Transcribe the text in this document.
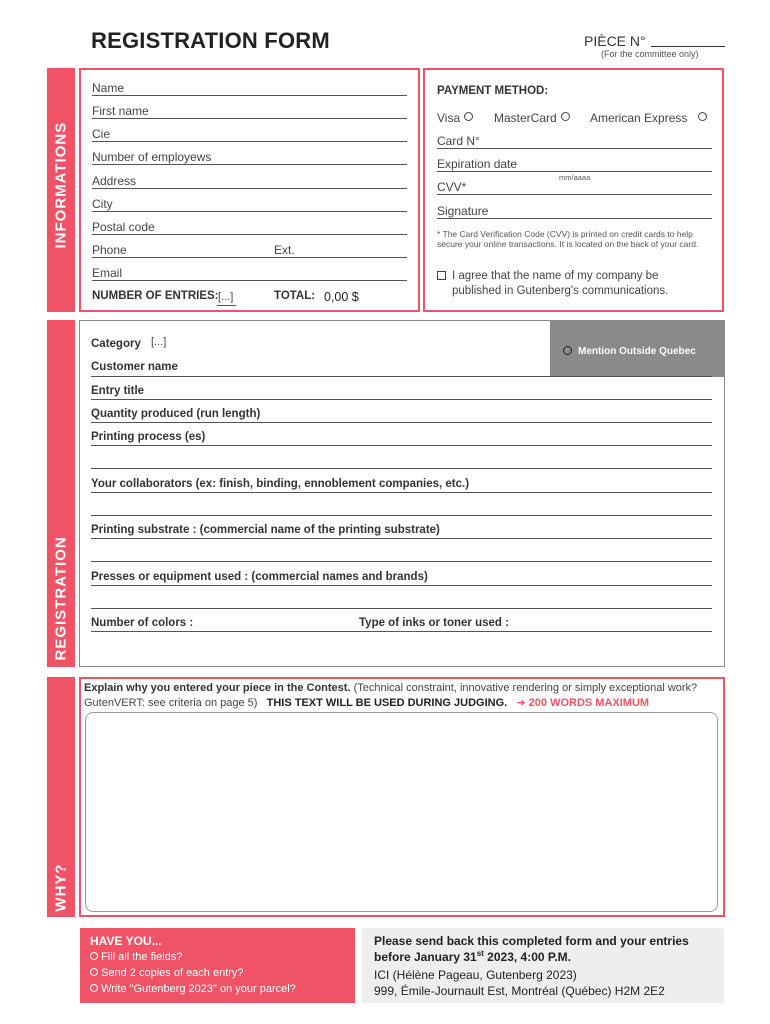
REGISTRATION FORM	PIÈCE N°
(For the committee only)
INFORMATIONS
Name
First name
Cie
Number of employews
Address
City
Postal code
Phone	Ext.
Email
NUMBER OF ENTRIES: [...]	TOTAL: 0,00 $
PAYMENT METHOD:
Visa	MasterCard	American Express
Card N°
Expiration date
mm/aaaa
CVV*
Signature
* The Card Verification Code (CVV) is printed on credit cards to help secure your online transactions. It is located on the back of your card.
I agree that the name of my company be
published in Gutenberg's communications.
REGISTRATION
Mention Outside Quebec
Category [...]
Customer name
Entry title
Quantity produced (run length)
Printing process (es)
Your collaborators (ex: finish, binding, ennoblement companies, etc.)
Printing substrate : (commercial name of the printing substrate)
Presses or equipment used : (commercial names and brands)
Number of colors :	Type of inks or toner used :
WHY?
Explain why you entered your piece in the Contest. (Technical constraint, innovative rendering or simply exceptional work?
GutenVERT: see criteria on page 5) THIS TEXT WILL BE USED DURING JUDGING. ➜ 200 WORDS MAXIMUM
HAVE YOU...
Fill all the fields?
Send 2 copies of each entry?
Write "Gutenberg 2023" on your parcel?
Please send back this completed form and your entries
before January 31st 2023, 4:00 P.M.
ICI (Hélène Pageau, Gutenberg 2023)
999, Émile-Journault Est, Montréal (Québec) H2M 2E2
